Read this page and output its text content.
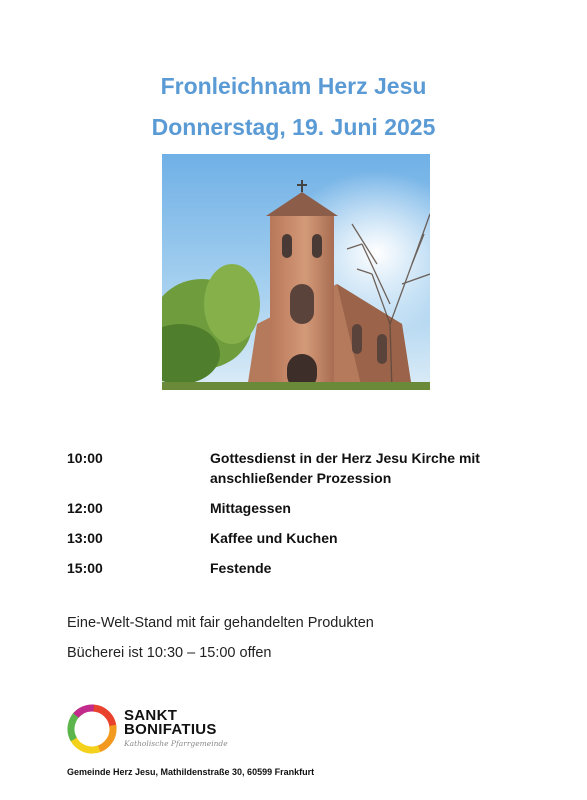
Fronleichnam Herz Jesu
Donnerstag, 19. Juni 2025
10:00	Gottesdienst in der Herz Jesu Kirche mit anschließender Prozession
12:00	Mittagessen
13:00	Kaffee und Kuchen
15:00	Festende
Eine-Welt-Stand mit fair gehandelten Produkten
Bücherei ist 10:30 – 15:00 offen
SANKT
BONIFATIUS
Katholische Pfarrgemeinde
Gemeinde Herz Jesu, Mathildenstraße 30, 60599 Frankfurt
